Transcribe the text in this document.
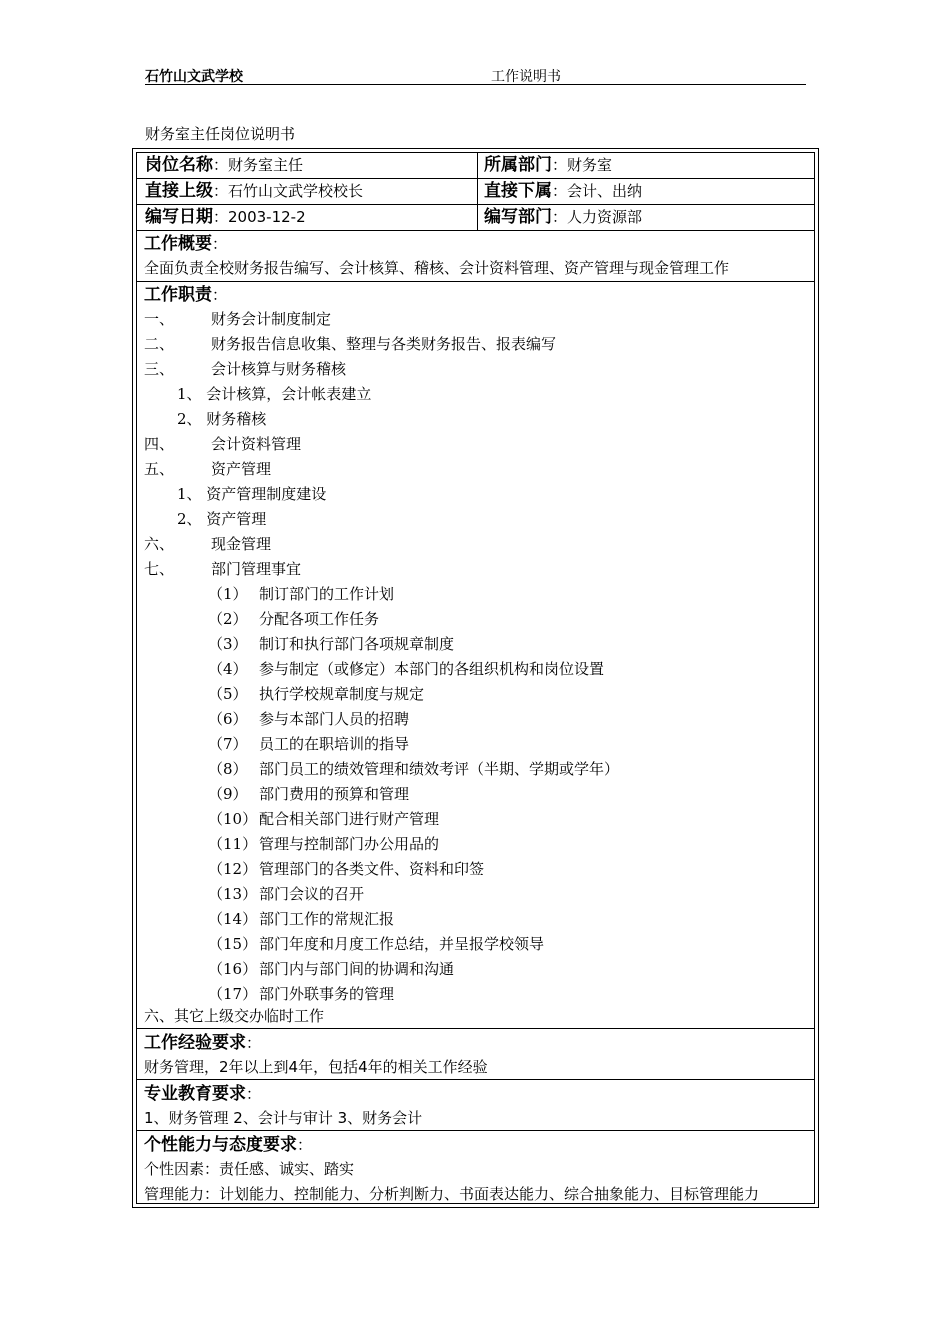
石竹山文武学校	工作说明书
财务室主任岗位说明书
岗位名称：财务室主任	所属部门：财务室
直接上级：石竹山文武学校校长	直接下属：会计、出纳
编写日期：2003-12-2	编写部门：人力资源部
工作概要：
全面负责全校财务报告编写、会计核算、稽核、会计资料管理、资产管理与现金管理工作
工作职责：
一、 财务会计制度制定
二、 财务报告信息收集、整理与各类财务报告、报表编写
三、 会计核算与财务稽核
1、 会计核算，会计帐表建立
2、 财务稽核
四、 会计资料管理
五、 资产管理
1、 资产管理制度建设
2、 资产管理
六、 现金管理
七、 部门管理事宜
（1） 制订部门的工作计划
（2） 分配各项工作任务
（3） 制订和执行部门各项规章制度
（4） 参与制定（或修定）本部门的各组织机构和岗位设置
（5） 执行学校规章制度与规定
（6） 参与本部门人员的招聘
（7） 员工的在职培训的指导
（8） 部门员工的绩效管理和绩效考评（半期、学期或学年）
（9） 部门费用的预算和管理
（10） 配合相关部门进行财产管理
（11） 管理与控制部门办公用品的
（12） 管理部门的各类文件、资料和印签
（13） 部门会议的召开
（14） 部门工作的常规汇报
（15） 部门年度和月度工作总结，并呈报学校领导
（16） 部门内与部门间的协调和沟通
（17） 部门外联事务的管理
六、其它上级交办临时工作
工作经验要求：
财务管理，2年以上到4年，包括4年的相关工作经验
专业教育要求：
1、财务管理 2、会计与审计 3、财务会计
个性能力与态度要求：
个性因素：责任感、诚实、踏实
管理能力：计划能力、控制能力、分析判断力、书面表达能力、综合抽象能力、目标管理能力
